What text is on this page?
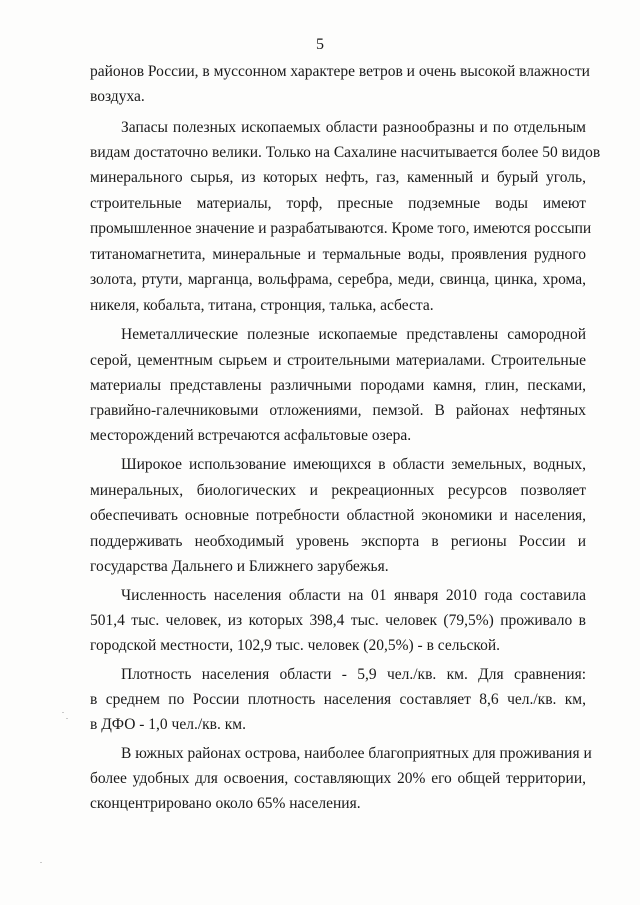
5
районов России, в муссонном характере ветров и очень высокой влажности
воздуха.
Запасы полезных ископаемых области разнообразны и по отдельным
видам достаточно велики. Только на Сахалине насчитывается более 50 видов
минерального сырья, из которых нефть, газ, каменный и бурый уголь,
строительные материалы, торф, пресные подземные воды имеют
промышленное значение и разрабатываются. Кроме того, имеются россыпи
титаномагнетита, минеральные и термальные воды, проявления рудного
золота, ртути, марганца, вольфрама, серебра, меди, свинца, цинка, хрома,
никеля, кобальта, титана, стронция, талька, асбеста.
Неметаллические полезные ископаемые представлены самородной
серой, цементным сырьем и строительными материалами. Строительные
материалы представлены различными породами камня, глин, песками,
гравийно-галечниковыми отложениями, пемзой. В районах нефтяных
месторождений встречаются асфальтовые озера.
Широкое использование имеющихся в области земельных, водных,
минеральных, биологических и рекреационных ресурсов позволяет
обеспечивать основные потребности областной экономики и населения,
поддерживать необходимый уровень экспорта в регионы России и
государства Дальнего и Ближнего зарубежья.
Численность населения области на 01 января 2010 года составила
501,4 тыс. человек, из которых 398,4 тыс. человек (79,5%) проживало в
городской местности, 102,9 тыс. человек (20,5%) - в сельской.
Плотность населения области - 5,9 чел./кв. км. Для сравнения:
в среднем по России плотность населения составляет 8,6 чел./кв. км,
в ДФО - 1,0 чел./кв. км.
В южных районах острова, наиболее благоприятных для проживания и
более удобных для освоения, составляющих 20% его общей территории,
сконцентрировано около 65% населения.
